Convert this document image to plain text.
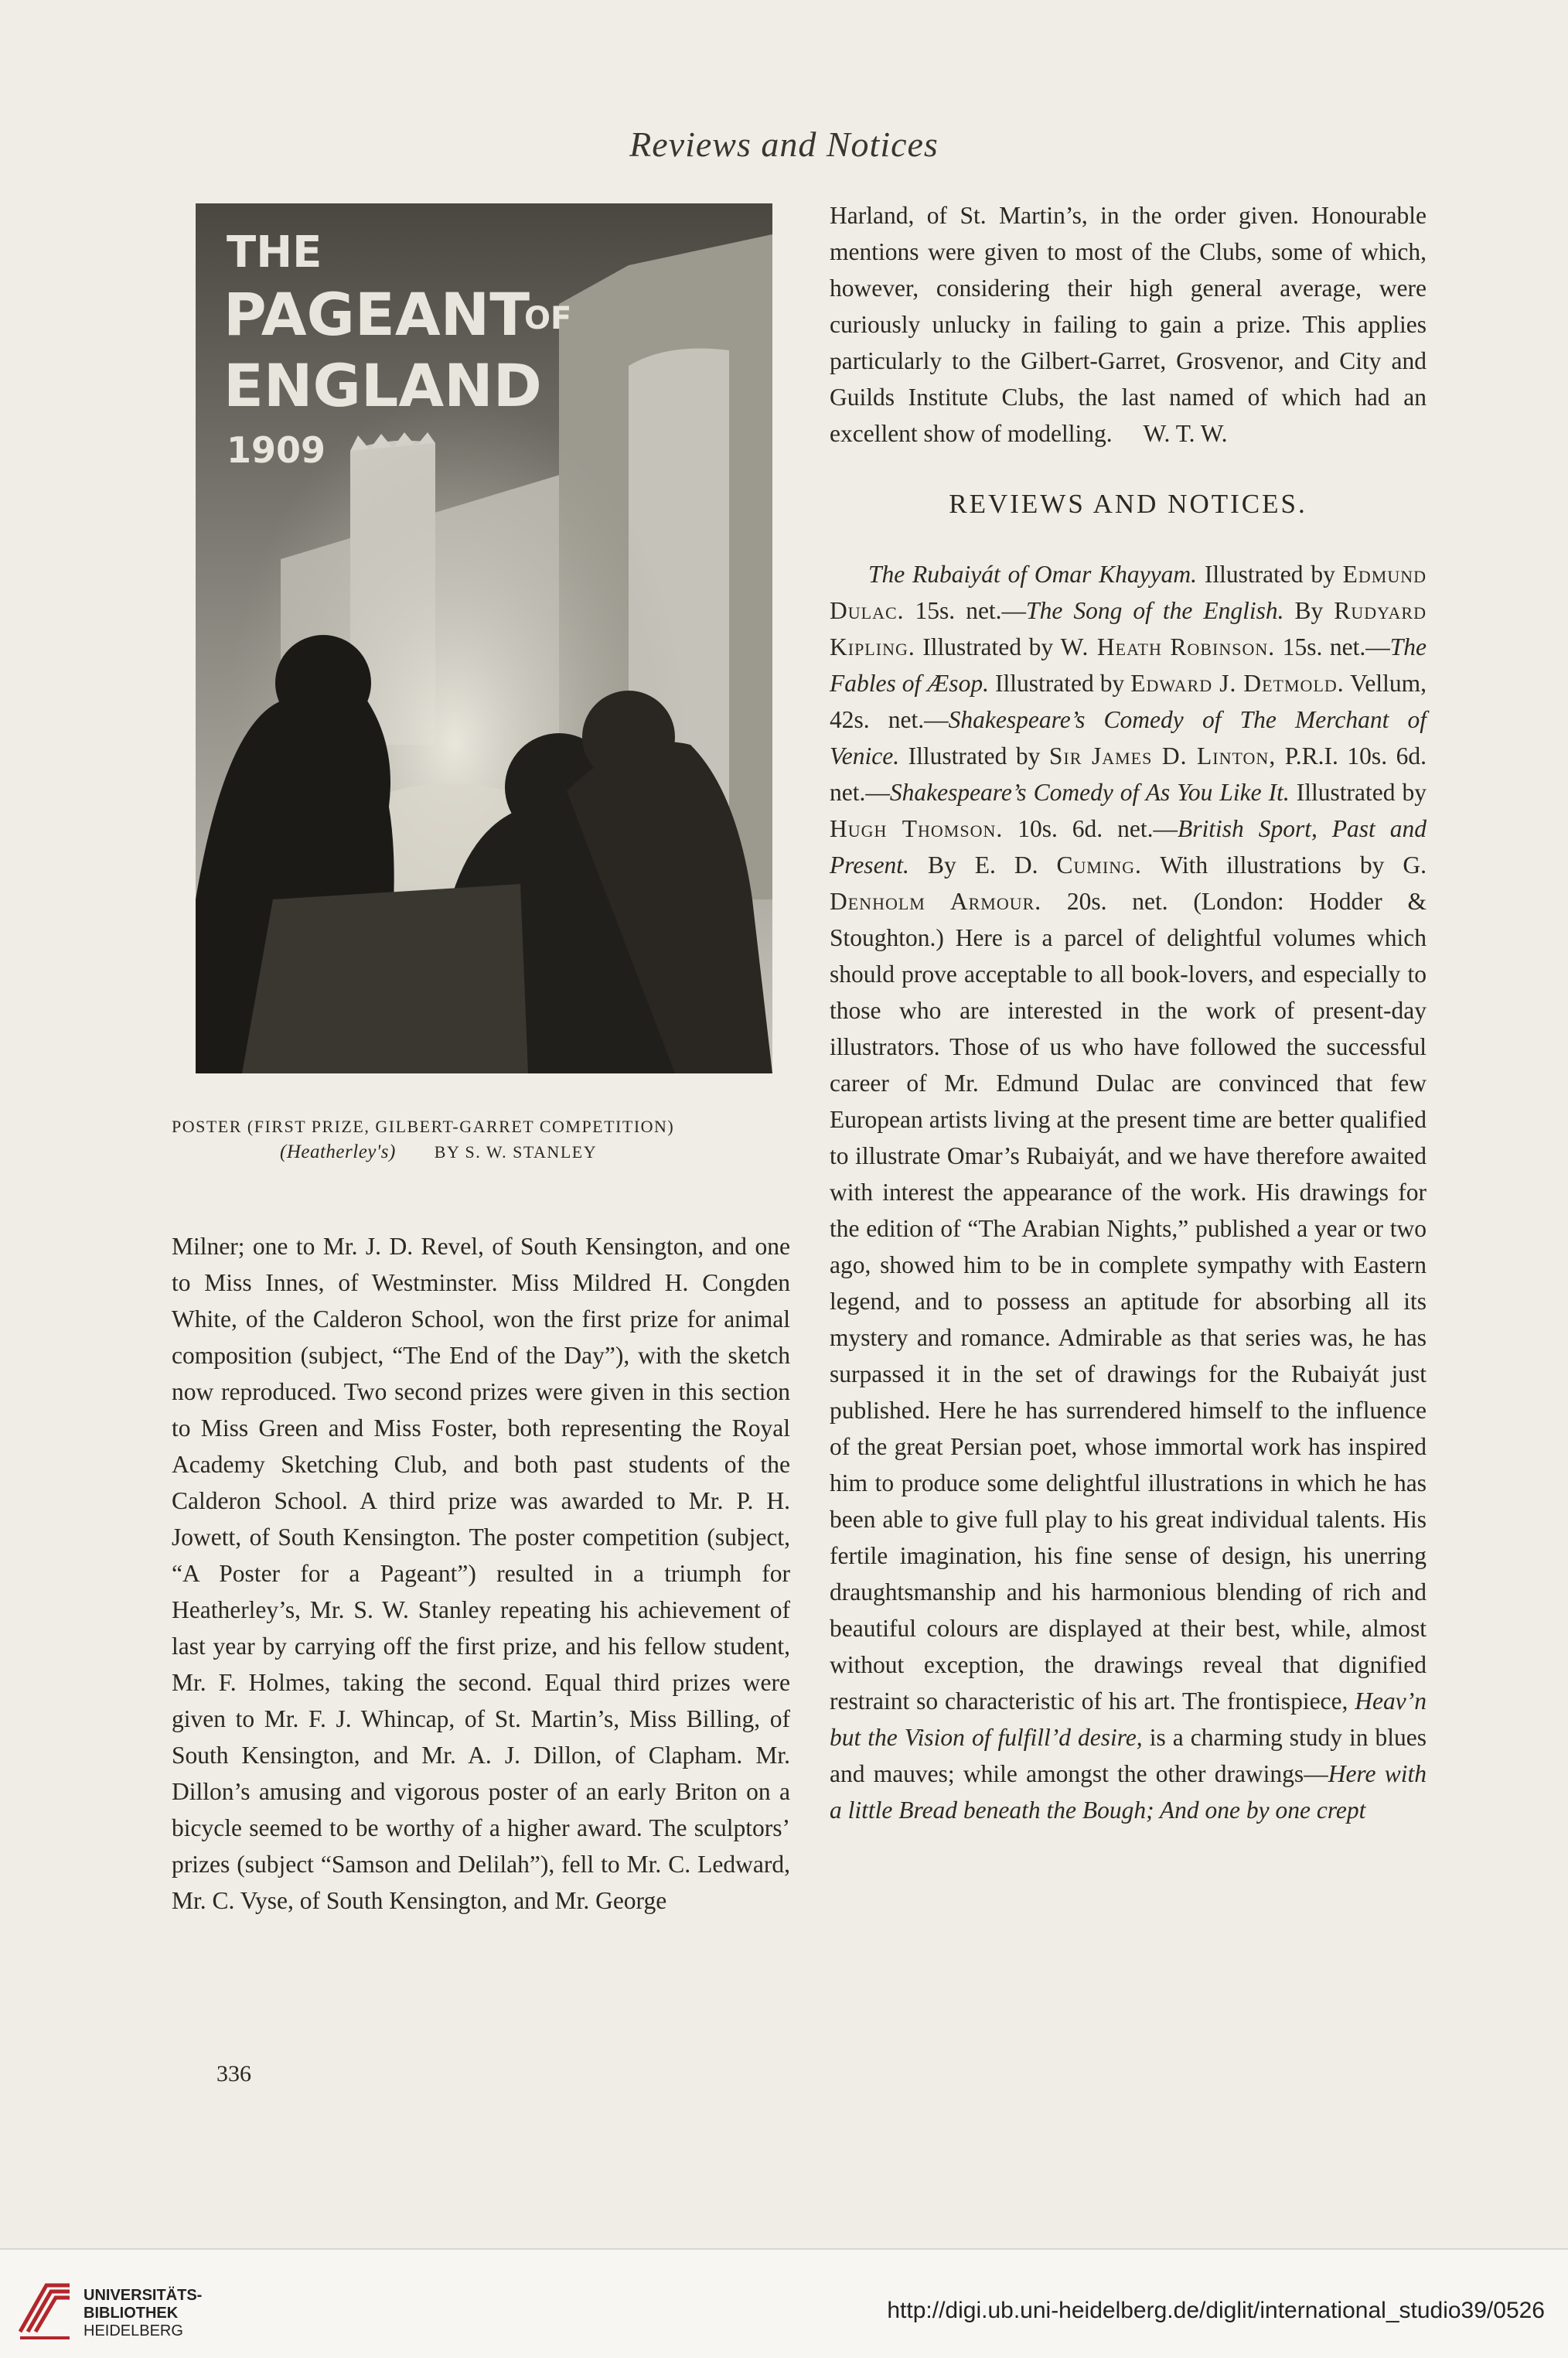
Reviews and Notices
THE
PAGEANT
OF
ENGLAND
1909
POSTER (FIRST PRIZE, GILBERT-GARRET COMPETITION)
(Heatherley's) BY S. W. STANLEY

Milner; one to Mr. J. D. Revel, of South Kensington, and one to Miss Innes, of Westminster. Miss Mildred H. Congden White, of the Calderon School, won the first prize for animal composition (subject, “The End of the Day”), with the sketch now reproduced. Two second prizes were given in this section to Miss Green and Miss Foster, both representing the Royal Academy Sketching Club, and both past students of the Calderon School. A third prize was awarded to Mr. P. H. Jowett, of South Kensington. The poster competition (subject, “A Poster for a Pageant”) resulted in a triumph for Heatherley’s, Mr. S. W. Stanley repeating his achievement of last year by carrying off the first prize, and his fellow student, Mr. F. Holmes, taking the second. Equal third prizes were given to Mr. F. J. Whincap, of St. Martin’s, Miss Billing, of South Kensington, and Mr. A. J. Dillon, of Clapham. Mr. Dillon’s amusing and vigorous poster of an early Briton on a bicycle seemed to be worthy of a higher award. The sculptors’ prizes (subject “Samson and Delilah”), fell to Mr. C. Ledward, Mr. C. Vyse, of South Kensington, and Mr. George

Harland, of St. Martin’s, in the order given. Honourable mentions were given to most of the Clubs, some of which, however, considering their high general average, were curiously unlucky in failing to gain a prize. This applies particularly to the Gilbert-Garret, Grosvenor, and City and Guilds Institute Clubs, the last named of which had an excellent show of modelling. W. T. W.

REVIEWS AND NOTICES.

The Rubaiyát of Omar Khayyam. Illustrated by Edmund Dulac. 15s. net.—The Song of the English. By Rudyard Kipling. Illustrated by W. Heath Robinson. 15s. net.—The Fables of Æsop. Illustrated by Edward J. Detmold. Vellum, 42s. net.—Shakespeare’s Comedy of The Merchant of Venice. Illustrated by Sir James D. Linton, P.R.I. 10s. 6d. net.—Shakespeare’s Comedy of As You Like It. Illustrated by Hugh Thomson. 10s. 6d. net.—British Sport, Past and Present. By E. D. Cuming. With illustrations by G. Denholm Armour. 20s. net. (London: Hodder & Stoughton.) Here is a parcel of delightful volumes which should prove acceptable to all book-lovers, and especially to those who are interested in the work of present-day illustrators. Those of us who have followed the successful career of Mr. Edmund Dulac are convinced that few European artists living at the present time are better qualified to illustrate Omar’s Rubaiyát, and we have therefore awaited with interest the appearance of the work. His drawings for the edition of “The Arabian Nights,” published a year or two ago, showed him to be in complete sympathy with Eastern legend, and to possess an aptitude for absorbing all its mystery and romance. Admirable as that series was, he has surpassed it in the set of drawings for the Rubaiyát just published. Here he has surrendered himself to the influence of the great Persian poet, whose immortal work has inspired him to produce some delightful illustrations in which he has been able to give full play to his great individual talents. His fertile imagination, his fine sense of design, his unerring draughtsmanship and his harmonious blending of rich and beautiful colours are displayed at their best, while, almost without exception, the drawings reveal that dignified restraint so characteristic of his art. The frontispiece, Heav’n but the Vision of fulfill’d desire, is a charming study in blues and mauves; while amongst the other drawings—Here with a little Bread beneath the Bough; And one by one crept

336
UNIVERSITÄTS-
BIBLIOTHEK
HEIDELBERG
http://digi.ub.uni-heidelberg.de/diglit/international_studio39/0526
